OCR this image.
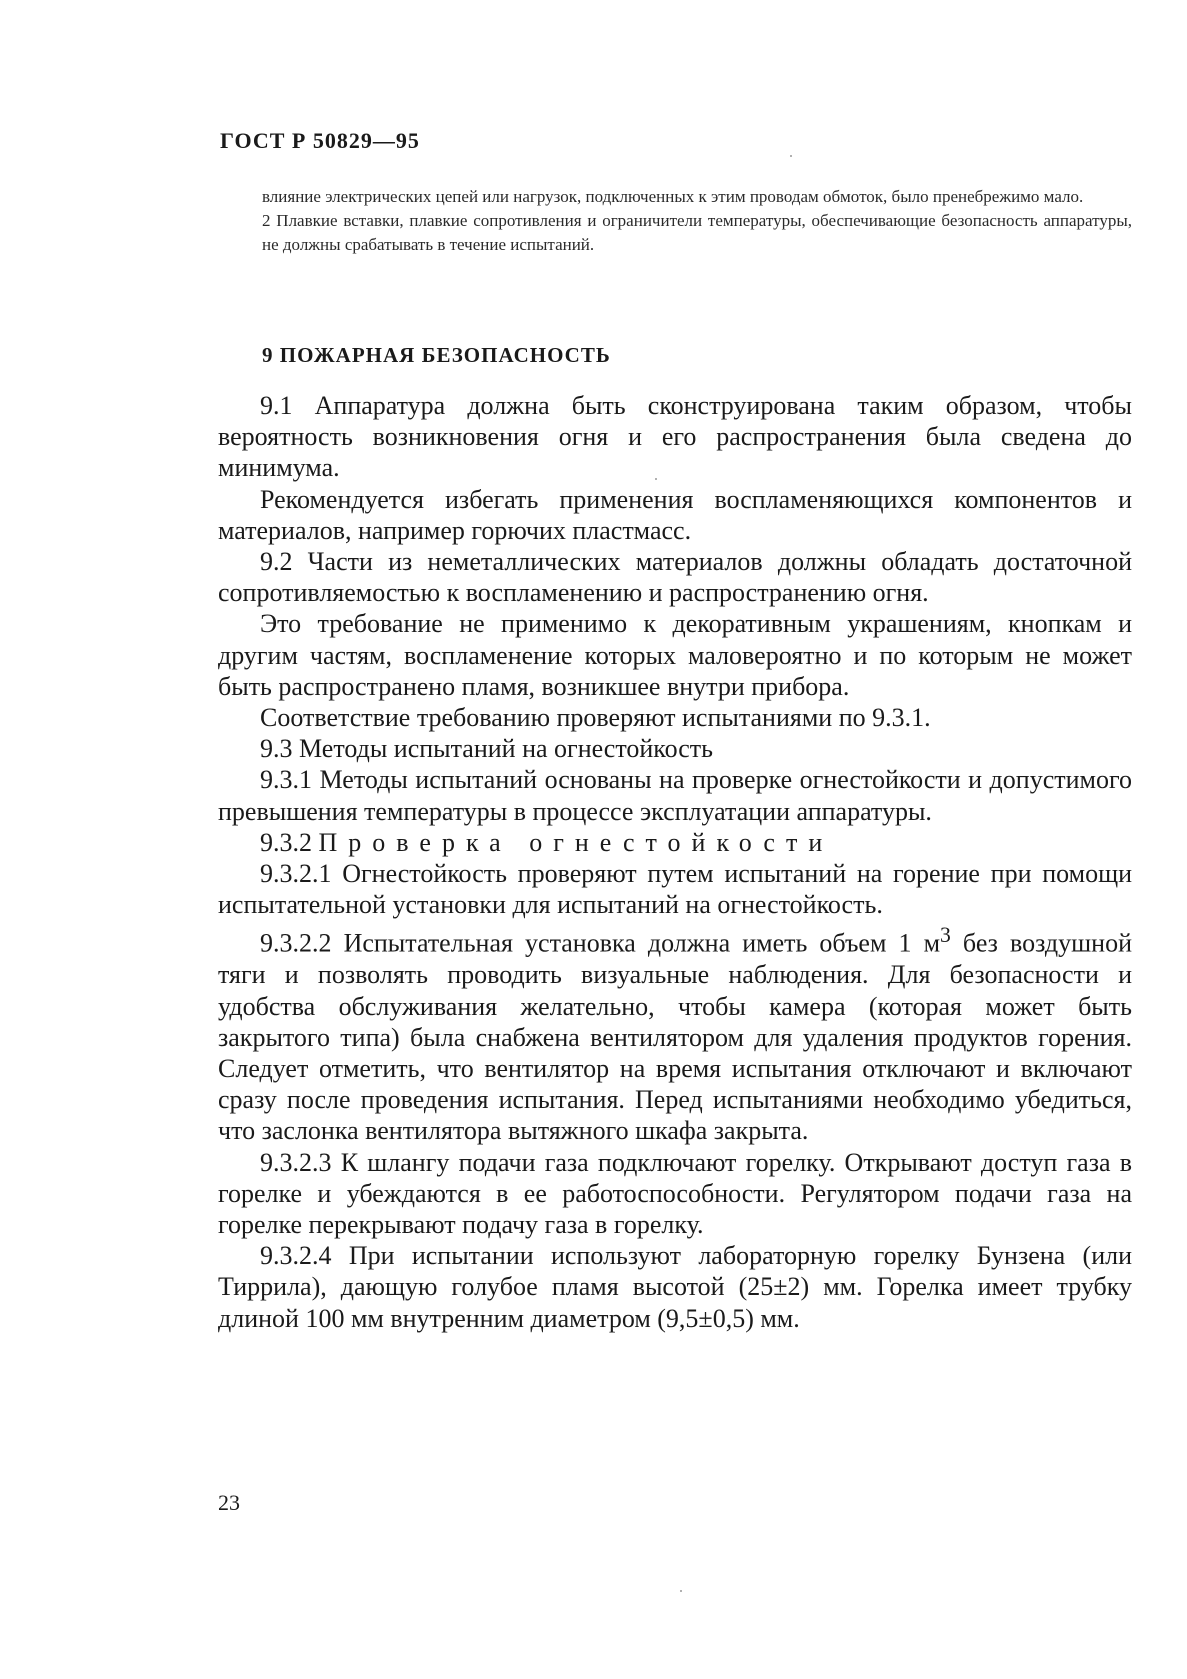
ГОСТ Р 50829—95

влияние электрических цепей или нагрузок, подключенных к этим проводам обмоток, было пренебрежимо мало.

2 Плавкие вставки, плавкие сопротивления и ограничители температуры, обеспечивающие безопасность аппаратуры, не должны срабатывать в течение испытаний.

9 ПОЖАРНАЯ БЕЗОПАСНОСТЬ

9.1 Аппаратура должна быть сконструирована таким образом, чтобы вероятность возникновения огня и его распространения была сведена до минимума.

Рекомендуется избегать применения воспламеняющихся компонентов и материалов, например горючих пластмасс.

9.2 Части из неметаллических материалов должны обладать достаточной сопротивляемостью к воспламенению и распространению огня.

Это требование не применимо к декоративным украшениям, кнопкам и другим частям, воспламенение которых маловероятно и по которым не может быть распространено пламя, возникшее внутри прибора.

Соответствие требованию проверяют испытаниями по 9.3.1.

9.3 Методы испытаний на огнестойкость

9.3.1 Методы испытаний основаны на проверке огнестойкости и допустимого превышения температуры в процессе эксплуатации аппаратуры.

9.3.2 Проверка огнестойкости

9.3.2.1 Огнестойкость проверяют путем испытаний на горение при помощи испытательной установки для испытаний на огнестойкость.

9.3.2.2 Испытательная установка должна иметь объем 1 $м^3$ без воздушной тяги и позволять проводить визуальные наблюдения. Для безопасности и удобства обслуживания желательно, чтобы камера (которая может быть закрытого типа) была снабжена вентилятором для удаления продуктов горения. Следует отметить, что вентилятор на время испытания отключают и включают сразу после проведения испытания. Перед испытаниями необходимо убедиться, что заслонка вентилятора вытяжного шкафа закрыта.

9.3.2.3 К шлангу подачи газа подключают горелку. Открывают доступ газа в горелке и убеждаются в ее работоспособности. Регулятором подачи газа на горелке перекрывают подачу газа в горелку.

9.3.2.4 При испытании используют лабораторную горелку Бунзена (или Тиррила), дающую голубое пламя высотой (25±2) мм. Горелка имеет трубку длиной 100 мм внутренним диаметром (9,5±0,5) мм.

23
